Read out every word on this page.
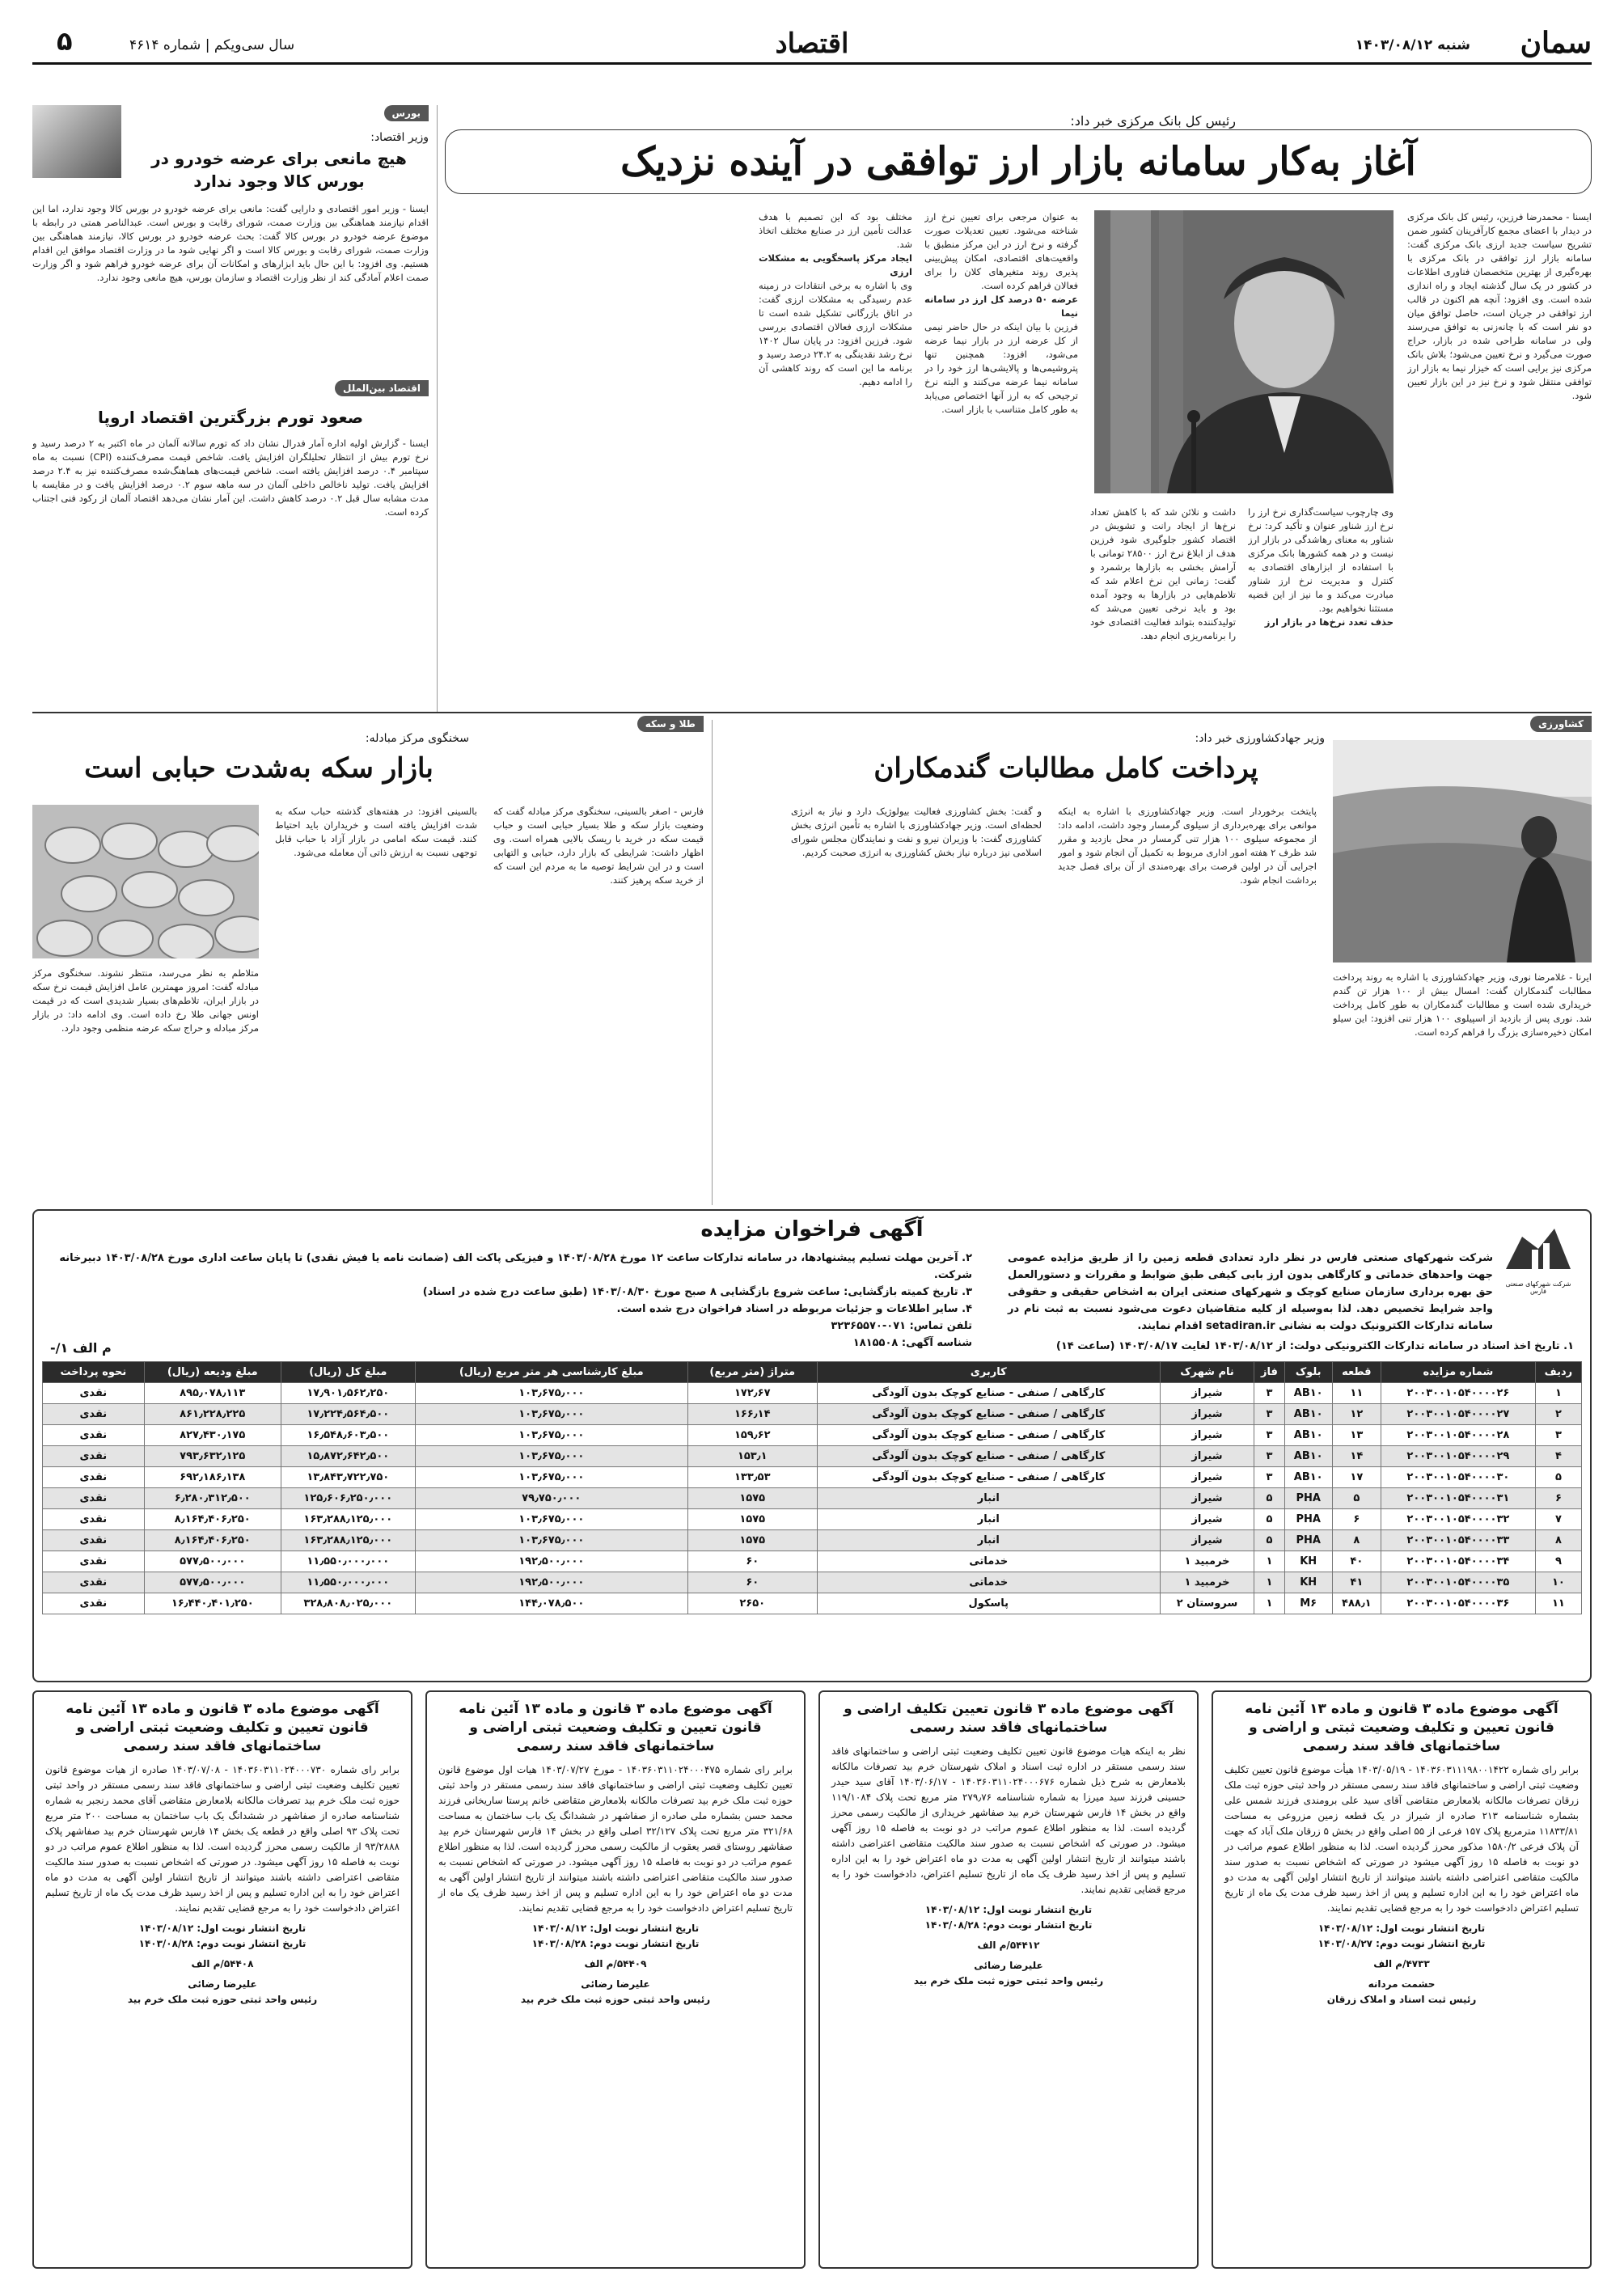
سمان
شنبه ۱۴۰۳/۰۸/۱۲
اقتصاد
سال سی‌ویکم | شماره ۴۶۱۴
۵
رئیس کل بانک مرکزی خبر داد:
آغاز به‌کار سامانه بازار ارز توافقی در آینده نزدیک
ایسنا - محمدرضا فرزین، رئیس کل بانک مرکزی در دیدار با اعضای مجمع کارآفرینان کشور ضمن تشریح سیاست جدید ارزی بانک مرکزی گفت: سامانه بازار ارز توافقی در بانک مرکزی با بهره‌گیری از بهترین متخصصان فناوری اطلاعات در کشور در یک سال گذشته ایجاد و راه اندازی شده است. وی افزود: آنچه هم اکنون در قالب ارز توافقی در جریان است، حاصل توافق میان دو نفر است که با چانه‌زنی به توافق می‌رسند ولی در سامانه طراحی شده در بازار، حراج صورت می‌گیرد و نرخ تعیین می‌شود؛ بلاش بانک مرکزی نیز برایی است که خیزار نیما به بازار ارز توافقی منتقل شود و نرخ نیز در این بازار تعیین شود.
وی چارچوب سیاست‌گذاری نرخ ارز را نرخ ارز شناور عنوان و تأکید کرد: نرخ شناور به معنای رها‌شدگی در بازار ارز نیست و در همه کشورها بانک مرکزی با استفاده از ابزارهای اقتصادی به کنترل و مدیریت نرخ ارز شناور مبادرت می‌کند و ما نیز از این قضیه مستثنا نخواهیم بود.
حذف تعدد نرخ‌ها در بازار ارز
داشت و نلائن شد که با کاهش تعداد نرخ‌ها از ایجاد رانت و تشویش در اقتصاد کشور جلوگیری شود فرزین هدف از ابلاغ نرخ ارز ۲۸۵۰۰ تومانی با آرامش بخشی به بازارها برشمرد و گفت: زمانی این نرخ اعلام شد که تلاطم‌هایی در بازارها به وجود آمده بود و باید نرخی تعیین می‌شد که تولیدکننده بتواند فعالیت اقتصادی خود را برنامه‌ریزی انجام دهد.
به عنوان مرجعی برای تعیین نرخ ارز شناخته می‌شود. تعیین تعدیلات صورت گرفته و نرخ ارز در این مرکز منطبق با واقعیت‌های اقتصادی، امکان پیش‌بینی پذیری روند متغیرهای کلان را برای فعالان فراهم کرده است.
عرضه ۵۰ درصد کل ارز در سامانه نیما
فرزین با بیان اینکه در حال حاضر نیمی از کل عرضه ارز در بازار نیما عرضه می‌شود، افزود: همچنین تنها پتروشیمی‌ها و پالایشی‌ها ارز خود را در سامانه نیما عرضه می‌کنند و البته نرخ ترجیحی که به ارز آنها اختصاص می‌یابد به طور کامل متناسب با بازار است.
مختلف بود که این تصمیم با هدف عدالت تأمین ارز در صنایع مختلف اتخاذ شد.
ایجاد مرکز پاسخگویی به مشکلات ارزی
وی با اشاره به برخی انتقادات در زمینه عدم رسیدگی به مشکلات ارزی گفت: در اتاق بازرگانی تشکیل شده است تا مشکلات ارزی فعالان اقتصادی بررسی شود. فرزین افزود: در پایان سال ۱۴۰۲ نرخ رشد نقدینگی به ۲۴.۲ درصد رسید و برنامه ما این است که روند کاهشی آن را ادامه دهیم.
بورس
وزیر اقتصاد:
هیچ مانعی برای عرضه خودرو در بورس کالا وجود ندارد
ایسنا - وزیر امور اقتصادی و دارایی گفت: مانعی برای عرضه خودرو در بورس کالا وجود ندارد، اما این اقدام نیازمند هماهنگی بین وزارت صمت، شورای رقابت و بورس است. عبدالناصر همتی در رابطه با موضوع عرضه خودرو در بورس کالا گفت: بحث عرضه خودرو در بورس کالا، نیازمند هماهنگی بین وزارت صمت، شورای رقابت و بورس کالا است و اگر نهایی شود ما در وزارت اقتصاد موافق این اقدام هستیم. وی افزود: با این حال باید ابزارهای و امکانات آن برای عرضه خودرو فراهم شود و اگر وزارت صمت اعلام آمادگی کند از نظر وزارت اقتصاد و سازمان بورس، هیچ مانعی وجود ندارد.
اقتصاد بین‌الملل
صعود تورم بزرگترین اقتصاد اروپا
ایسنا - گزارش اولیه اداره آمار فدرال نشان داد که تورم سالانه آلمان در ماه اکتبر به ۲ درصد رسید و نرخ تورم بیش از انتظار تحلیلگران افزایش یافت. شاخص قیمت مصرف‌کننده (CPI) نسبت به ماه سپتامبر ۰.۴ درصد افزایش یافته است. شاخص قیمت‌های هماهنگ‌شده مصرف‌کننده نیز به ۲.۴ درصد افزایش یافت. تولید ناخالص داخلی آلمان در سه ماهه سوم ۰.۲ درصد افزایش یافت و در مقایسه با مدت مشابه سال قبل ۰.۲ درصد کاهش داشت. این آمار نشان می‌دهد اقتصاد آلمان از رکود فنی اجتناب کرده است.
کشاورزی
وزیر جهادکشاورزی خبر داد:
پرداخت کامل مطالبات گندمکاران
ایرنا - غلامرضا نوری، وزیر جهادکشاورزی با اشاره به روند پرداخت مطالبات گندمکاران گفت: امسال بیش از ۱۰۰ هزار تن گندم خریداری شده است و مطالبات گندمکاران به طور کامل پرداخت شد. نوری پس از بازدید از اسپیلوی ۱۰۰ هزار تنی افزود: این سیلو امکان ذخیره‌سازی بزرگ را فراهم کرده است.
پایتخت برخوردار است. وزیر جهادکشاورزی با اشاره به اینکه موانعی برای بهره‌برداری از سیلوی گرمسار وجود داشت، ادامه داد: از مجموعه سیلوی ۱۰۰ هزار تنی گرمسار در محل بازدید و مقرر شد ظرف ۲ هفته امور اداری مربوط به تکمیل آن انجام شود و امور اجرایی آن در اولین فرصت برای بهره‌مندی از آن برای فصل جدید برداشت انجام شود.
و گفت: بخش کشاورزی فعالیت بیولوژیک دارد و نیاز به انرژی لحظه‌ای است. وزیر جهادکشاورزی با اشاره به تأمین انرژی بخش کشاورزی گفت: با وزیران نیرو و نفت و نمایندگان مجلس شورای اسلامی نیز درباره نیاز بخش کشاورزی به انرژی صحبت کردیم.
طلا و سکه
سخنگوی مرکز مبادله:
بازار سکه به‌شدت حبابی است
فارس - اصغر بالسینی، سخنگوی مرکز مبادله گفت که وضعیت بازار سکه و طلا بسیار حبابی است و حباب قیمت سکه در خرید با ریسک بالایی همراه است. وی اظهار داشت: شرایطی که بازار دارد، حبابی و التهابی است و در این شرایط توصیه ما به مردم این است که از خرید سکه پرهیز کنند.
بالسینی افزود: در هفته‌های گذشته حباب سکه به شدت افزایش یافته است و خریداران باید احتیاط کنند. قیمت سکه امامی در بازار آزاد با حباب قابل توجهی نسبت به ارزش ذاتی آن معامله می‌شود.
متلاطم به نظر می‌رسد، منتظر نشوند. سخنگوی مرکز مبادله گفت: امروز مهمترین عامل افزایش قیمت نرخ سکه در بازار ایران، تلاطم‌های بسیار شدیدی است که در قیمت اونس جهانی طلا رخ داده است. وی ادامه داد: در بازار مرکز مبادله و حراج سکه عرضه منظمی وجود دارد.
آگهی فراخوان مزایده
شرکت شهرکهای صنعتی فارس
شرکت شهرکهای صنعتی فارس در نظر دارد تعدادی قطعه زمین را از طریق مزایده عمومی جهت واحدهای خدماتی و کارگاهی بدون ارز بابی کیفی طبق ضوابط و مقررات و دستورالعمل حق بهره برداری سازمان صنایع کوچک و شهرکهای صنعتی ایران به اشخاص حقیقی و حقوقی واجد شرایط تخصیص دهد. لذا به‌وسیله از کلیه متقاضیان دعوت می‌شود نسبت به ثبت نام در سامانه تدارکات الکترونیک دولت به نشانی setadiran.ir اقدام نمایند.
۲. آخرین مهلت تسلیم پیشنهادها، در سامانه تدارکات ساعت ۱۲ مورخ ۱۴۰۳/۰۸/۲۸ و فیزیکی پاکت الف (ضمانت نامه یا فیش نقدی) تا پایان ساعت اداری مورخ ۱۴۰۳/۰۸/۲۸ دبیرخانه شرکت.
۳. تاریخ کمیته بازگشایی: ساعت شروع بازگشایی ۸ صبح مورخ ۱۴۰۳/۰۸/۳۰ (طبق ساعت درج شده در اسناد)
۴. سایر اطلاعات و جزئیات مربوطه در اسناد فراخوان درج شده است.
تلفن تماس: ۰۷۱-۳۲۳۶۵۵۷۰
شناسه آگهی: ۱۸۱۵۵۰۸
م الف ۱/-	۱. تاریخ اخذ اسناد در سامانه تدارکات الکترونیکی دولت: از ۱۴۰۳/۰۸/۱۲ لغایت ۱۴۰۳/۰۸/۱۷ (ساعت ۱۴)
ردیف	شماره مزایده	قطعه	بلوک	فاز	نام شهرک	کاربری	متراژ (متر مربع)	مبلغ کارشناسی هر متر مربع (ریال)	مبلغ کل (ریال)	مبلغ ودیعه (ریال)	نحوه پرداخت
۱	۲۰۰۳۰۰۱۰۵۴۰۰۰۰۲۶	۱۱	AB۱۰	۳	شیراز	کارگاهی / صنفی - صنایع کوچک بدون آلودگی	۱۷۲٫۶۷	۱۰۳٫۶۷۵٫۰۰۰	۱۷٫۹۰۱٫۵۶۲٫۲۵۰	۸۹۵٫۰۷۸٫۱۱۳	نقدی
۲	۲۰۰۳۰۰۱۰۵۴۰۰۰۰۲۷	۱۲	AB۱۰	۳	شیراز	کارگاهی / صنفی - صنایع کوچک بدون آلودگی	۱۶۶٫۱۴	۱۰۳٫۶۷۵٫۰۰۰	۱۷٫۲۲۴٫۵۶۴٫۵۰۰	۸۶۱٫۲۲۸٫۲۲۵	نقدی
۳	۲۰۰۳۰۰۱۰۵۴۰۰۰۰۲۸	۱۳	AB۱۰	۳	شیراز	کارگاهی / صنفی - صنایع کوچک بدون آلودگی	۱۵۹٫۶۲	۱۰۳٫۶۷۵٫۰۰۰	۱۶٫۵۴۸٫۶۰۳٫۵۰۰	۸۲۷٫۴۳۰٫۱۷۵	نقدی
۴	۲۰۰۳۰۰۱۰۵۴۰۰۰۰۲۹	۱۴	AB۱۰	۳	شیراز	کارگاهی / صنفی - صنایع کوچک بدون آلودگی	۱۵۳٫۱	۱۰۳٫۶۷۵٫۰۰۰	۱۵٫۸۷۲٫۶۴۲٫۵۰۰	۷۹۳٫۶۳۲٫۱۲۵	نقدی
۵	۲۰۰۳۰۰۱۰۵۴۰۰۰۰۳۰	۱۷	AB۱۰	۳	شیراز	کارگاهی / صنفی - صنایع کوچک بدون آلودگی	۱۳۳٫۵۳	۱۰۳٫۶۷۵٫۰۰۰	۱۳٫۸۴۳٫۷۲۲٫۷۵۰	۶۹۲٫۱۸۶٫۱۳۸	نقدی
۶	۲۰۰۳۰۰۱۰۵۴۰۰۰۰۳۱	۵	PHA	۵	شیراز	انبار	۱۵۷۵	۷۹٫۷۵۰٫۰۰۰	۱۲۵٫۶۰۶٫۲۵۰٫۰۰۰	۶٫۲۸۰٫۳۱۲٫۵۰۰	نقدی
۷	۲۰۰۳۰۰۱۰۵۴۰۰۰۰۳۲	۶	PHA	۵	شیراز	انبار	۱۵۷۵	۱۰۳٫۶۷۵٫۰۰۰	۱۶۳٫۲۸۸٫۱۲۵٫۰۰۰	۸٫۱۶۴٫۴۰۶٫۲۵۰	نقدی
۸	۲۰۰۳۰۰۱۰۵۴۰۰۰۰۳۳	۸	PHA	۵	شیراز	انبار	۱۵۷۵	۱۰۳٫۶۷۵٫۰۰۰	۱۶۳٫۲۸۸٫۱۲۵٫۰۰۰	۸٫۱۶۴٫۴۰۶٫۲۵۰	نقدی
۹	۲۰۰۳۰۰۱۰۵۴۰۰۰۰۳۴	۴۰	KH	۱	خرمبید ۱	خدماتی	۶۰	۱۹۲٫۵۰۰٫۰۰۰	۱۱٫۵۵۰٫۰۰۰٫۰۰۰	۵۷۷٫۵۰۰٫۰۰۰	نقدی
۱۰	۲۰۰۳۰۰۱۰۵۴۰۰۰۰۳۵	۴۱	KH	۱	خرمبید ۱	خدماتی	۶۰	۱۹۲٫۵۰۰٫۰۰۰	۱۱٫۵۵۰٫۰۰۰٫۰۰۰	۵۷۷٫۵۰۰٫۰۰۰	نقدی
۱۱	۲۰۰۳۰۰۱۰۵۴۰۰۰۰۳۶	۴۸۸٫۱	M۶	۱	سروستان ۲	پاسکول	۲۶۵۰	۱۴۴٫۰۷۸٫۵۰۰	۳۲۸٫۸۰۸٫۰۲۵٫۰۰۰	۱۶٫۴۴۰٫۴۰۱٫۲۵۰	نقدی
آگهی موضوع ماده ۳ قانون و ماده ۱۳ آئین نامه قانون تعیین و تکلیف وضعیت ثبتی و اراضی و ساختمانهای فاقد سند رسمی
برابر رای شماره ۱۴۰۳۶۰۳۱۱۱۹۸۰۰۱۴۲۲ - ۱۴۰۳/۰۵/۱۹ هیأت موضوع قانون تعیین تکلیف وضعیت ثبتی اراضی و ساختمانهای فاقد سند رسمی مستقر در واحد ثبتی حوزه ثبت ملک زرقان تصرفات مالکانه بلامعارض متقاضی آقای سید علی برومندی فرزند شمس علی بشماره شناسنامه ۲۱۳ صادره از شیراز در یک قطعه زمین مزروعی به مساحت ۱۱۸۳۳/۸۱ مترمربع پلاک ۱۵۷ فرعی از ۵۵ اصلی واقع در بخش ۵ زرقان ملک آباد که جهت آن پلاک فرعی ۱۵۸۰/۲ مذکور محرز گردیده است. لذا به منظور اطلاع عموم مراتب در دو نوبت به فاصله ۱۵ روز آگهی میشود در صورتی که اشخاص نسبت به صدور سند مالکیت متقاضی اعتراضی داشته باشند میتوانند از تاریخ انتشار اولین آگهی به مدت دو ماه اعتراض خود را به این اداره تسلیم و پس از اخذ رسید ظرف مدت یک ماه از تاریخ تسلیم اعتراض دادخواست خود را به مرجع قضایی تقدیم نمایند.
تاریخ انتشار نوبت اول: ۱۴۰۳/۰۸/۱۲
تاریخ انتشار نوبت دوم: ۱۴۰۳/۰۸/۲۷
۴۷۳۳/م الف
حشمت مردانه
رئیس ثبت اسناد و املاک زرقان
آگهی موضوع ماده ۳ قانون تعیین تکلیف اراضی و ساختمانهای فاقد سند رسمی
نظر به اینکه هیات موضوع قانون تعیین تکلیف وضعیت ثبتی اراضی و ساختمانهای فاقد سند رسمی مستقر در اداره ثبت اسناد و املاک شهرستان خرم بید تصرفات مالکانه بلامعارض به شرح ذیل شماره ۱۴۰۳۶۰۳۱۱۰۲۴۰۰۰۶۷۶ - ۱۴۰۳/۰۶/۱۷ آقای سید حیدر حسینی فرزند سید میرزا به شماره شناسنامه ۲۷۹٫۷۶ متر مربع تحت پلاک ۱۱۹/۱۰۸۴ واقع در بخش ۱۴ فارس شهرستان خرم بید صفاشهر خریداری از مالکیت رسمی محرز گردیده است. لذا به منظور اطلاع عموم مراتب در دو نوبت به فاصله ۱۵ روز آگهی میشود. در صورتی که اشخاص نسبت به صدور سند مالکیت متقاضی اعتراضی داشته باشند میتوانند از تاریخ انتشار اولین آگهی به مدت دو ماه اعتراض خود را به این اداره تسلیم و پس از اخذ رسید ظرف یک ماه از تاریخ تسلیم اعتراض، دادخواست خود را به مرجع قضایی تقدیم نمایند.
تاریخ انتشار نوبت اول: ۱۴۰۳/۰۸/۱۲
تاریخ انتشار نوبت دوم: ۱۴۰۳/۰۸/۲۸
۵۴۴۱۲/م الف
علیرضا رضائی
رئیس واحد ثبتی حوزه ثبت ملک خرم بید
آگهی موضوع ماده ۳ قانون و ماده ۱۳ آئین نامه قانون تعیین و تکلیف وضعیت ثبتی اراضی و ساختمانهای فاقد سند رسمی
برابر رای شماره ۱۴۰۳۶۰۳۱۱۰۲۴۰۰۰۴۷۵ - مورخ ۱۴۰۳/۰۷/۲۷ هیات اول موضوع قانون تعیین تکلیف وضعیت ثبتی اراضی و ساختمانهای فاقد سند رسمی مستقر در واحد ثبتی حوزه ثبت ملک خرم بید تصرفات مالکانه بلامعارض متقاضی خانم پرستا ساریخانی فرزند محمد حسن بشماره ملی صادره از صفاشهر در ششدانگ یک باب ساختمان به مساحت ۳۲۱/۶۸ متر مربع تحت پلاک ۳۲/۱۲۷ اصلی واقع در بخش ۱۴ فارس شهرستان خرم بید صفاشهر روستای قصر یعقوب از مالکیت رسمی محرز گردیده است. لذا به منظور اطلاع عموم مراتب در دو نوبت به فاصله ۱۵ روز آگهی میشود. در صورتی که اشخاص نسبت به صدور سند مالکیت متقاضی اعتراضی داشته باشند میتوانند از تاریخ انتشار اولین آگهی به مدت دو ماه اعتراض خود را به این اداره تسلیم و پس از اخذ رسید ظرف یک ماه از تاریخ تسلیم اعتراض دادخواست خود را به مرجع قضایی تقدیم نمایند.
تاریخ انتشار نوبت اول: ۱۴۰۳/۰۸/۱۲
تاریخ انتشار نوبت دوم: ۱۴۰۳/۰۸/۲۸
۵۴۴۰۹/م الف
علیرضا رضائی
رئیس واحد ثبتی حوزه ثبت ملک خرم بید
آگهی موضوع ماده ۳ قانون و ماده ۱۳ آئین نامه قانون تعیین و تکلیف وضعیت ثبتی اراضی و ساختمانهای فاقد سند رسمی
برابر رای شماره ۱۴۰۳۶۰۳۱۱۰۲۴۰۰۰۷۳۰ - ۱۴۰۳/۰۷/۰۸ صادره از هیات موضوع قانون تعیین تکلیف وضعیت ثبتی اراضی و ساختمانهای فاقد سند رسمی مستقر در واحد ثبتی حوزه ثبت ملک خرم بید تصرفات مالکانه بلامعارض متقاضی آقای محمد رنجبر به شماره شناسنامه صادره از صفاشهر در ششدانگ یک باب ساختمان به مساحت ۲۰۰ متر مربع تحت پلاک ۹۳ اصلی واقع در قطعه یک بخش ۱۴ فارس شهرستان خرم بید صفاشهر پلاک ۹۳/۲۸۸۸ از مالکیت رسمی محرز گردیده است. لذا به منظور اطلاع عموم مراتب در دو نوبت به فاصله ۱۵ روز آگهی میشود. در صورتی که اشخاص نسبت به صدور سند مالکیت متقاضی اعتراضی داشته باشند میتوانند از تاریخ انتشار اولین آگهی به مدت دو ماه اعتراض خود را به این اداره تسلیم و پس از اخذ رسید ظرف مدت یک ماه از تاریخ تسلیم اعتراض دادخواست خود را به مرجع قضایی تقدیم نمایند.
تاریخ انتشار نوبت اول: ۱۴۰۳/۰۸/۱۲
تاریخ انتشار نوبت دوم: ۱۴۰۳/۰۸/۲۸
۵۴۴۰۸/م الف
علیرضا رضائی
رئیس واحد ثبتی حوزه ثبت ملک خرم بید
